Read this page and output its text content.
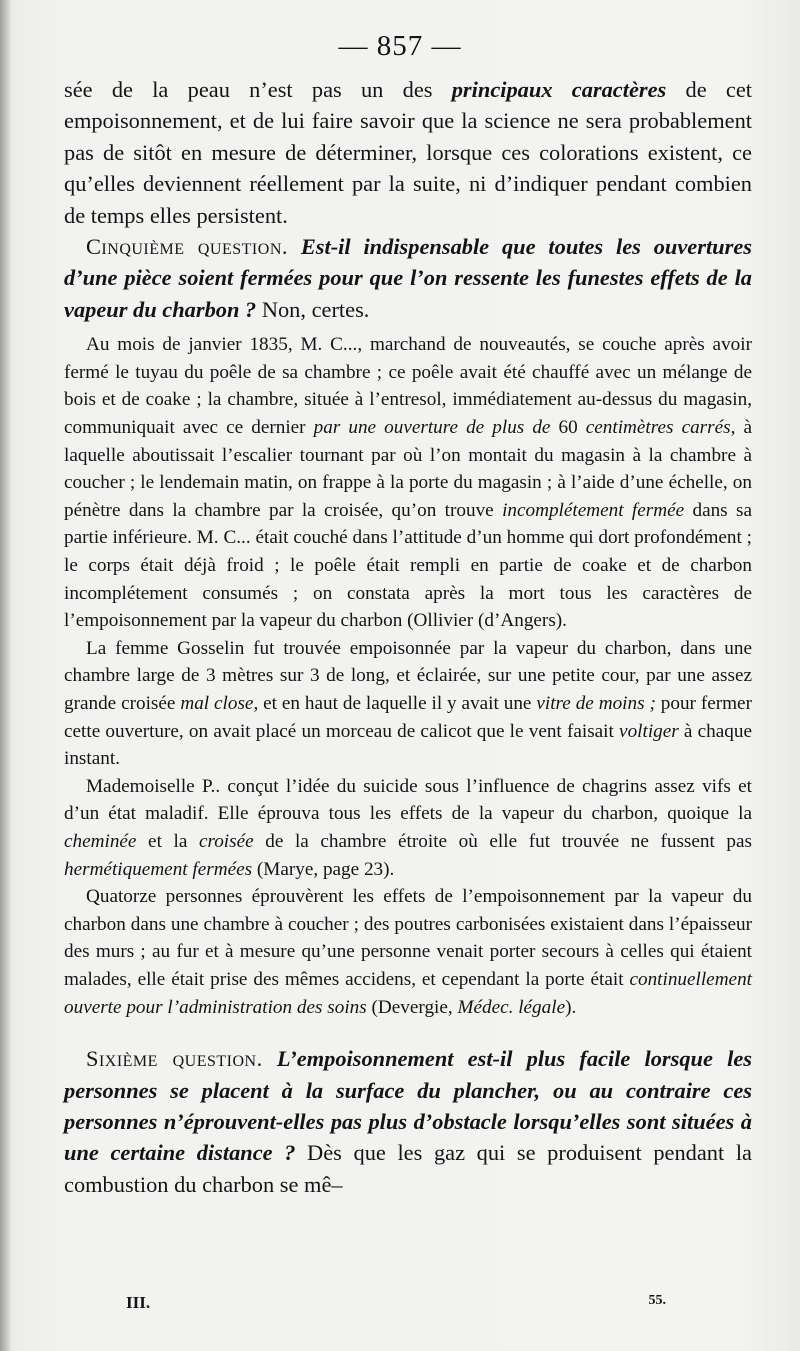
— 857 —

sée de la peau n’est pas un des principaux caractères de cet empoisonnement, et de lui faire savoir que la science ne sera probablement pas de sitôt en mesure de déterminer, lorsque ces colorations existent, ce qu’elles deviennent réellement par la suite, ni d’indiquer pendant combien de temps elles persistent.

Cinquième question. Est-il indispensable que toutes les ouvertures d’une pièce soient fermées pour que l’on ressente les funestes effets de la vapeur du charbon ? Non, certes.

Au mois de janvier 1835, M. C..., marchand de nouveautés, se couche après avoir fermé le tuyau du poêle de sa chambre ; ce poêle avait été chauffé avec un mélange de bois et de coake ; la chambre, située à l’entresol, immédiatement au-dessus du magasin, communiquait avec ce dernier par une ouverture de plus de 60 centimètres carrés, à laquelle aboutissait l’escalier tournant par où l’on montait du magasin à la chambre à coucher ; le lendemain matin, on frappe à la porte du magasin ; à l’aide d’une échelle, on pénètre dans la chambre par la croisée, qu’on trouve incomplétement fermée dans sa partie inférieure. M. C... était couché dans l’attitude d’un homme qui dort profondément ; le corps était déjà froid ; le poêle était rempli en partie de coake et de charbon incomplétement consumés ; on constata après la mort tous les caractères de l’empoisonnement par la vapeur du charbon (Ollivier (d’Angers).

La femme Gosselin fut trouvée empoisonnée par la vapeur du charbon, dans une chambre large de 3 mètres sur 3 de long, et éclairée, sur une petite cour, par une assez grande croisée mal close, et en haut de laquelle il y avait une vitre de moins ; pour fermer cette ouverture, on avait placé un morceau de calicot que le vent faisait voltiger à chaque instant.

Mademoiselle P.. conçut l’idée du suicide sous l’influence de chagrins assez vifs et d’un état maladif. Elle éprouva tous les effets de la vapeur du charbon, quoique la cheminée et la croisée de la chambre étroite où elle fut trouvée ne fussent pas hermétiquement fermées (Marye, page 23).

Quatorze personnes éprouvèrent les effets de l’empoisonnement par la vapeur du charbon dans une chambre à coucher ; des poutres carbonisées existaient dans l’épaisseur des murs ; au fur et à mesure qu’une personne venait porter secours à celles qui étaient malades, elle était prise des mêmes accidens, et cependant la porte était continuellement ouverte pour l’administration des soins (Devergie, Médec. légale).

Sixième question. L’empoisonnement est-il plus facile lorsque les personnes se placent à la surface du plancher, ou au contraire ces personnes n’éprouvent-elles pas plus d’obstacle lorsqu’elles sont situées à une certaine distance ? Dès que les gaz qui se produisent pendant la combustion du charbon se mê–

III.	55.
